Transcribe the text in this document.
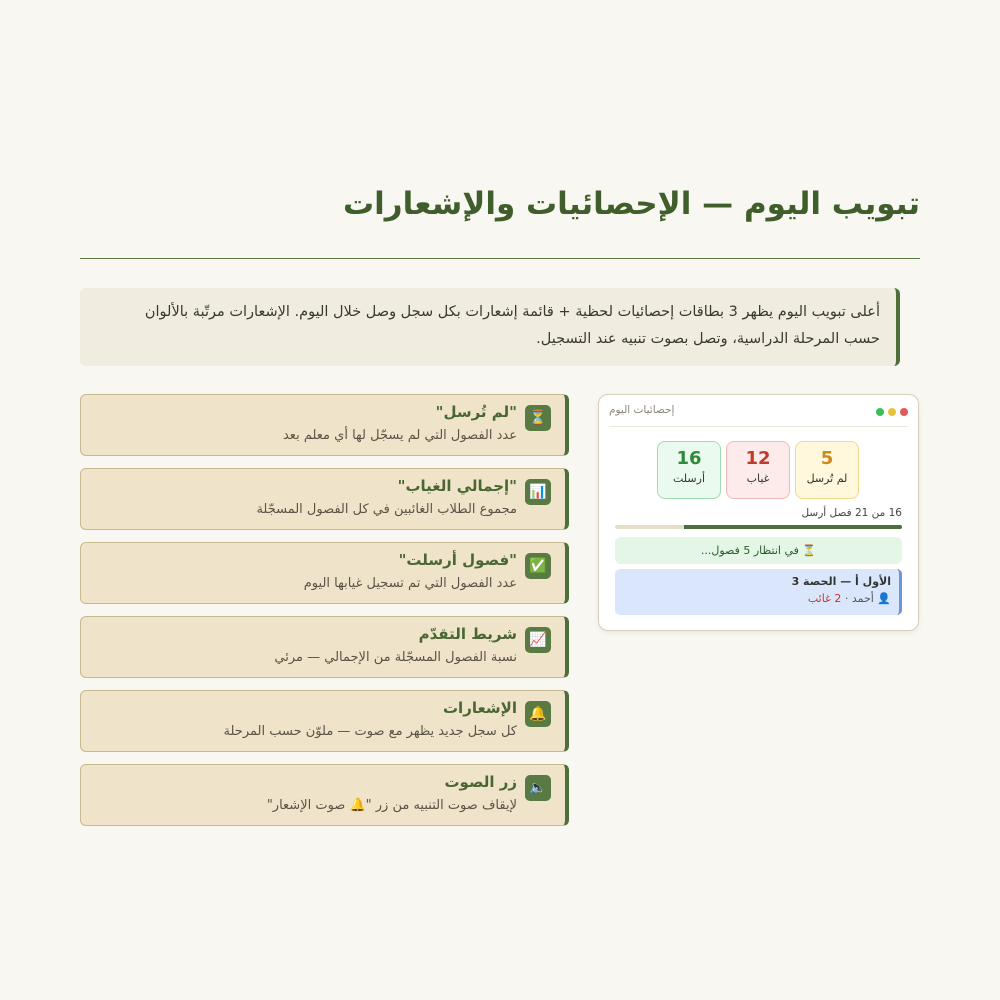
تبويب اليوم — الإحصائيات والإشعارات
أعلى تبويب اليوم يظهر 3 بطاقات إحصائيات لحظية + قائمة إشعارات بكل سجل وصل خلال اليوم. الإشعارات مرتّبة بالألوان
حسب المرحلة الدراسية، وتصل بصوت تنبيه عند التسجيل.
⏳
"لم تُرسل"
عدد الفصول التي لم يسجّل لها أي معلم بعد
📊
"إجمالي الغياب"
مجموع الطلاب الغائبين في كل الفصول المسجّلة
✅
"فصول أرسلت"
عدد الفصول التي تم تسجيل غيابها اليوم
📈
شريط التقدّم
نسبة الفصول المسجّلة من الإجمالي — مرئي
🔔
الإشعارات
كل سجل جديد يظهر مع صوت — ملوّن حسب المرحلة
🔈
زر الصوت
لإيقاف صوت التنبيه من زر "🔔 صوت الإشعار"
إحصائيات اليوم
5
لم تُرسل
12
غياب
16
أرسلت
16 من 21 فصل أرسل
⏳ في انتظار 5 فصول...
الأول أ — الحصة 3
👤 أحمد · 2 غائب
